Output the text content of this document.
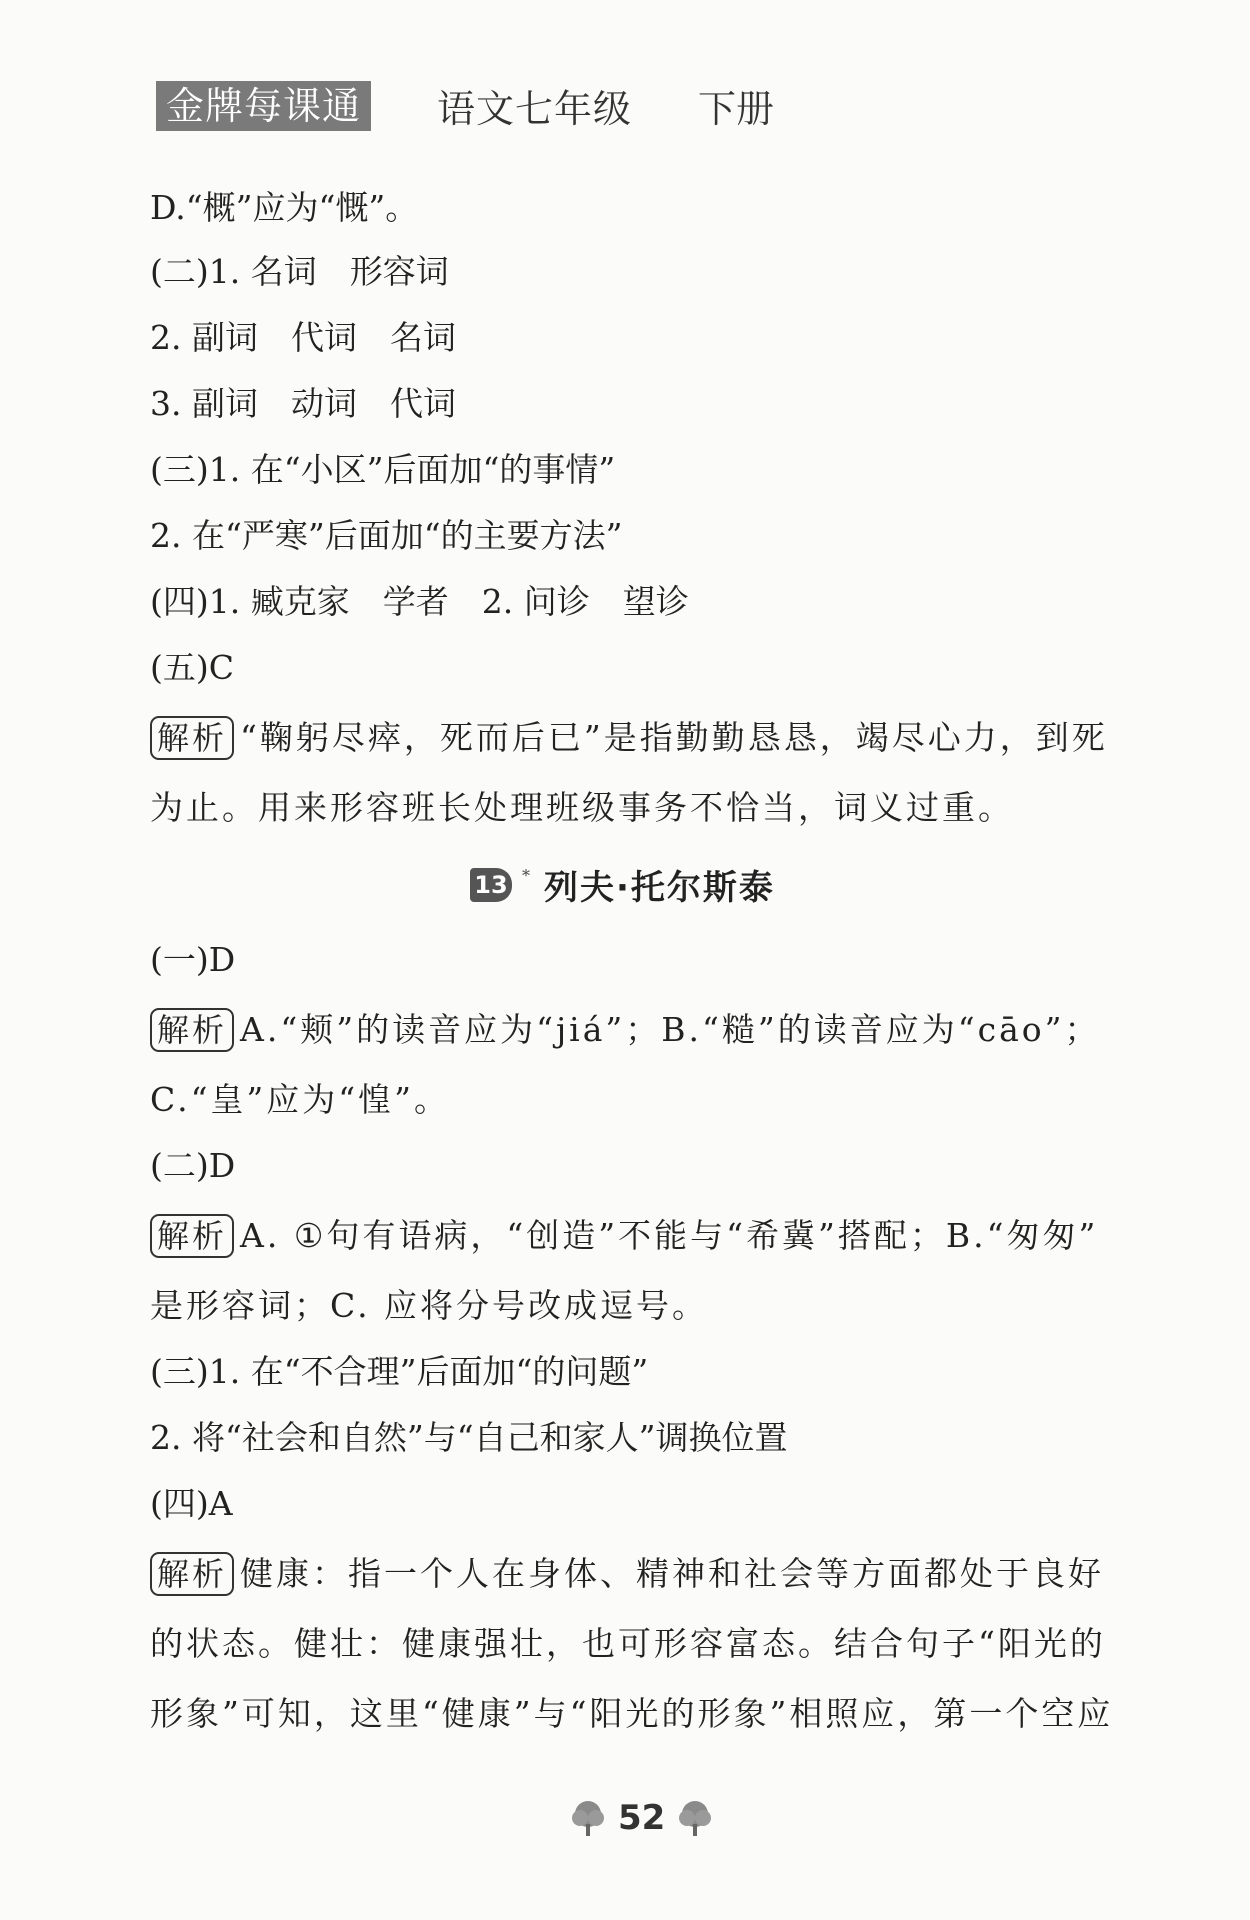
金牌每课通 语文七年级 下册
D.“概”应为“慨”。
(二)1. 名词　形容词
2. 副词　代词　名词
3. 副词　动词　代词
(三)1. 在“小区”后面加“的事情”
2. 在“严寒”后面加“的主要方法”
(四)1. 臧克家　学者　2. 问诊　望诊
(五)C
解析 “鞠躬尽瘁，死而后已”是指勤勤恳恳，竭尽心力，到死
为止。用来形容班长处理班级事务不恰当，词义过重。
13 * 列夫·托尔斯泰
(一)D
解析 A.“颊”的读音应为“jiá”；B.“糙”的读音应为“cāo”；
C.“皇”应为“惶”。
(二)D
解析 A. ①句有语病，“创造”不能与“希冀”搭配；B.“匆匆”
是形容词；C. 应将分号改成逗号。
(三)1. 在“不合理”后面加“的问题”
2. 将“社会和自然”与“自己和家人”调换位置
(四)A
解析 健康：指一个人在身体、精神和社会等方面都处于良好
的状态。健壮：健康强壮，也可形容富态。结合句子“阳光的
形象”可知，这里“健康”与“阳光的形象”相照应，第一个空应
52
